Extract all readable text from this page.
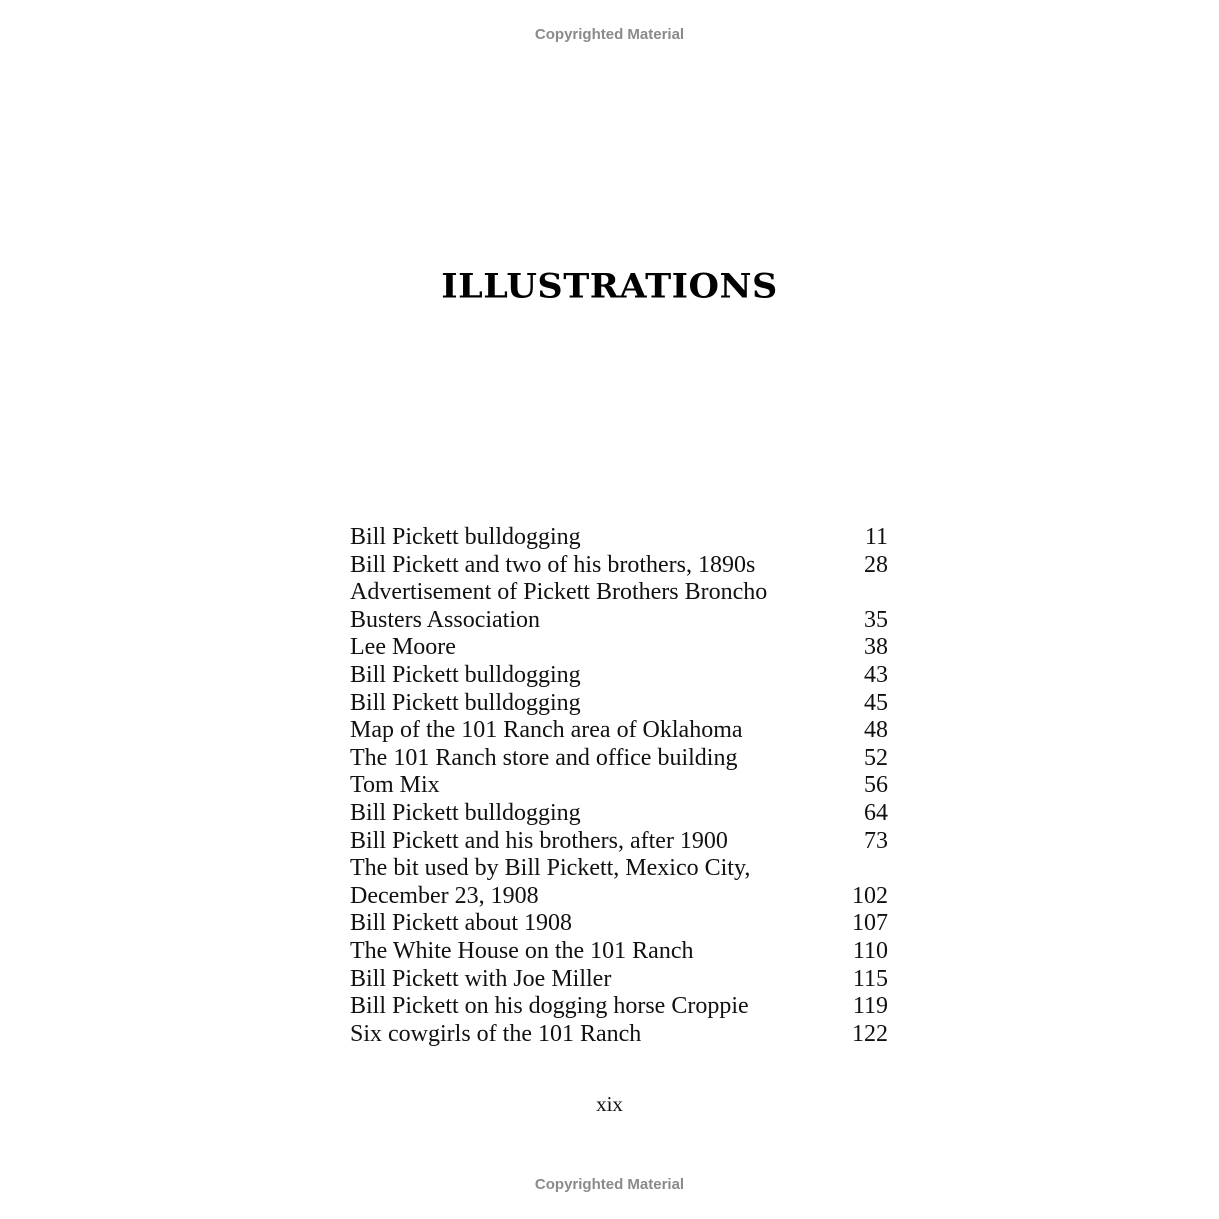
Copyrighted Material
ILLUSTRATIONS
Bill Pickett bulldogging	11
Bill Pickett and two of his brothers, 1890s	28
Advertisement of Pickett Brothers Broncho
Busters Association	35
Lee Moore	38
Bill Pickett bulldogging	43
Bill Pickett bulldogging	45
Map of the 101 Ranch area of Oklahoma	48
The 101 Ranch store and office building	52
Tom Mix	56
Bill Pickett bulldogging	64
Bill Pickett and his brothers, after 1900	73
The bit used by Bill Pickett, Mexico City,
December 23, 1908	102
Bill Pickett about 1908	107
The White House on the 101 Ranch	110
Bill Pickett with Joe Miller	115
Bill Pickett on his dogging horse Croppie	119
Six cowgirls of the 101 Ranch	122
xix
Copyrighted Material
